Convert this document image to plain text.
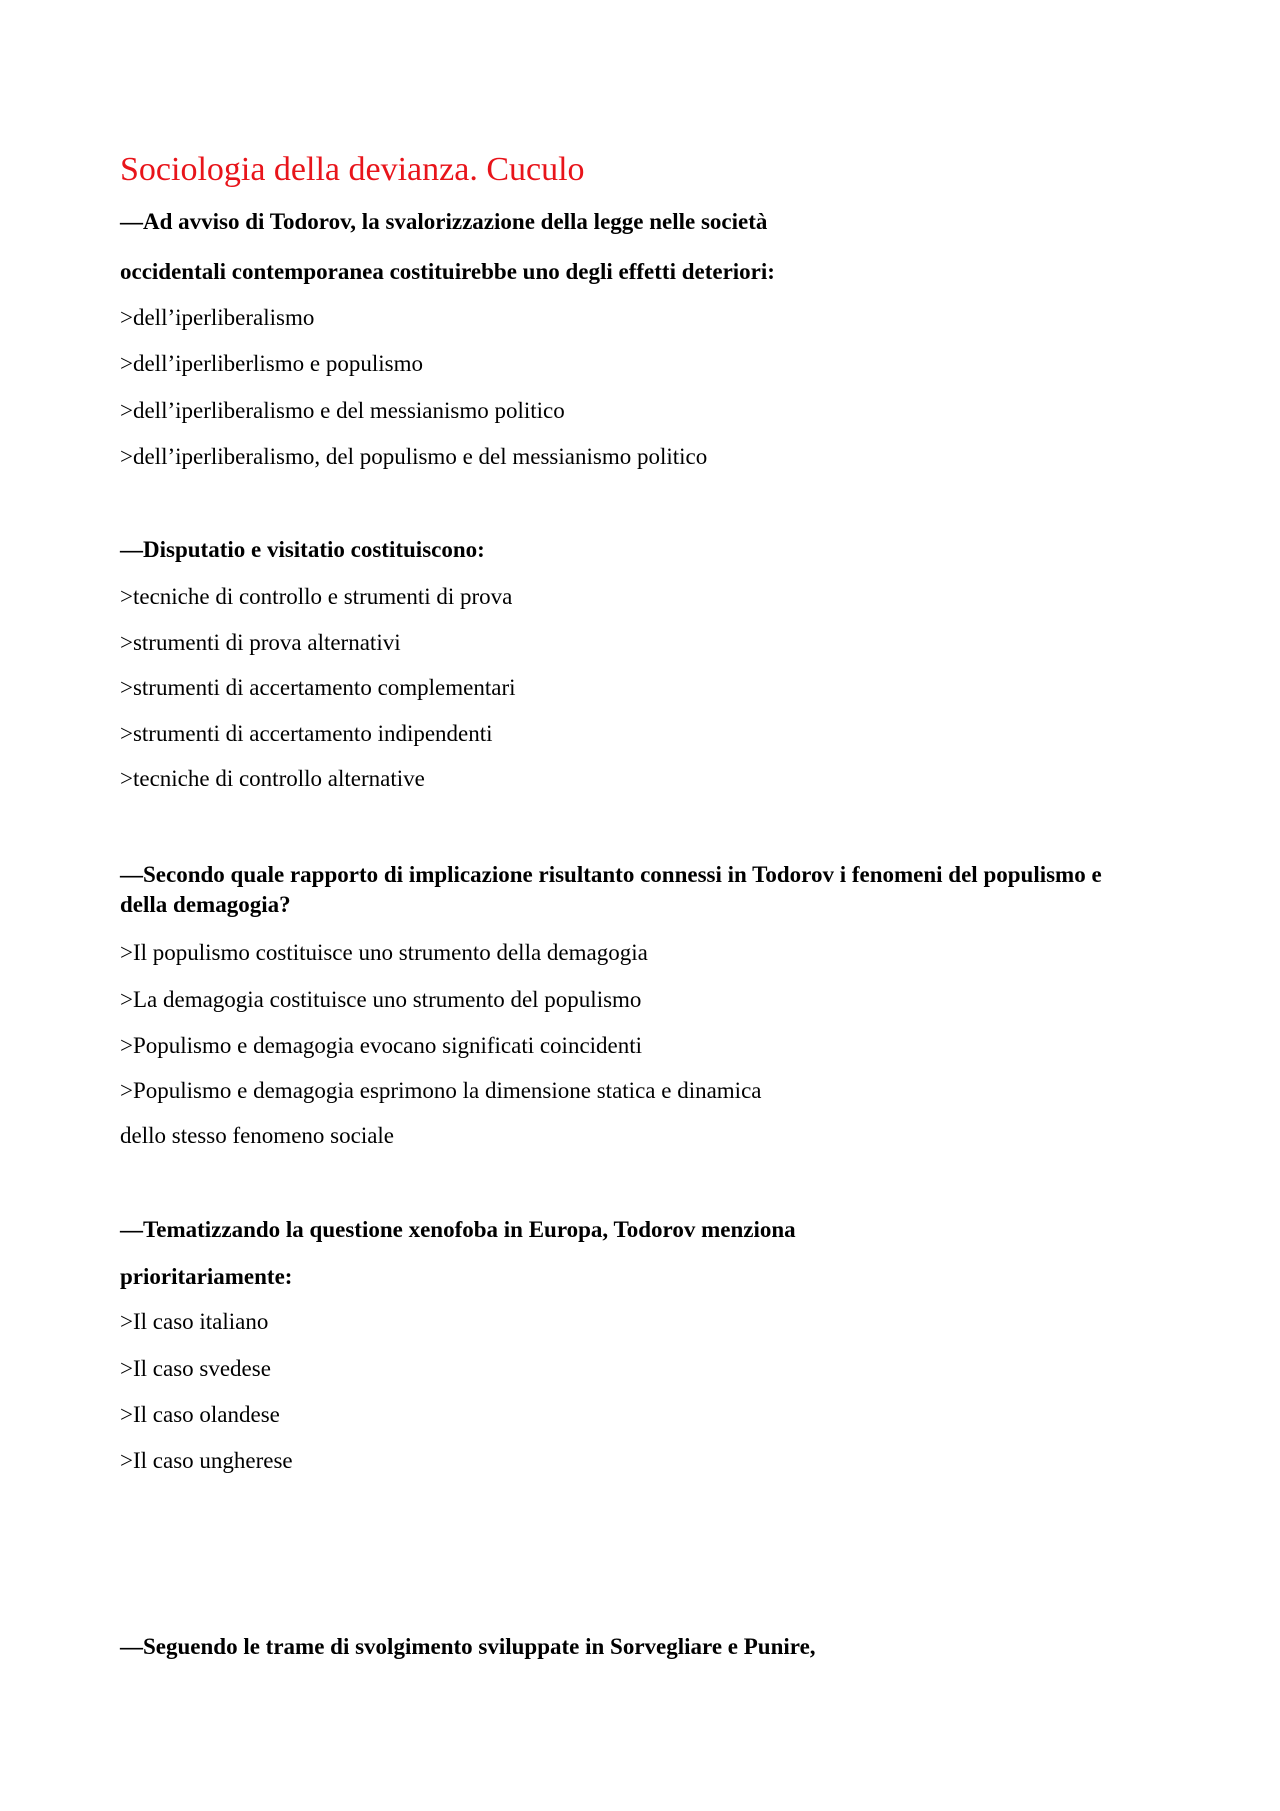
Sociologia della devianza. Cuculo
—Ad avviso di Todorov, la svalorizzazione della legge nelle società
occidentali contemporanea costituirebbe uno degli effetti deteriori:
>dell’iperliberalismo
>dell’iperliberlismo e populismo
>dell’iperliberalismo e del messianismo politico
>dell’iperliberalismo, del populismo e del messianismo politico
—Disputatio e visitatio costituiscono:
>tecniche di controllo e strumenti di prova
>strumenti di prova alternativi
>strumenti di accertamento complementari
>strumenti di accertamento indipendenti
>tecniche di controllo alternative
—Secondo quale rapporto di implicazione risultanto connessi in Todorov i fenomeni del populismo e della demagogia?
>Il populismo costituisce uno strumento della demagogia
>La demagogia costituisce uno strumento del populismo
>Populismo e demagogia evocano significati coincidenti
>Populismo e demagogia esprimono la dimensione statica e dinamica
dello stesso fenomeno sociale
—Tematizzando la questione xenofoba in Europa, Todorov menziona
prioritariamente:
>Il caso italiano
>Il caso svedese
>Il caso olandese
>Il caso ungherese
—Seguendo le trame di svolgimento sviluppate in Sorvegliare e Punire,
